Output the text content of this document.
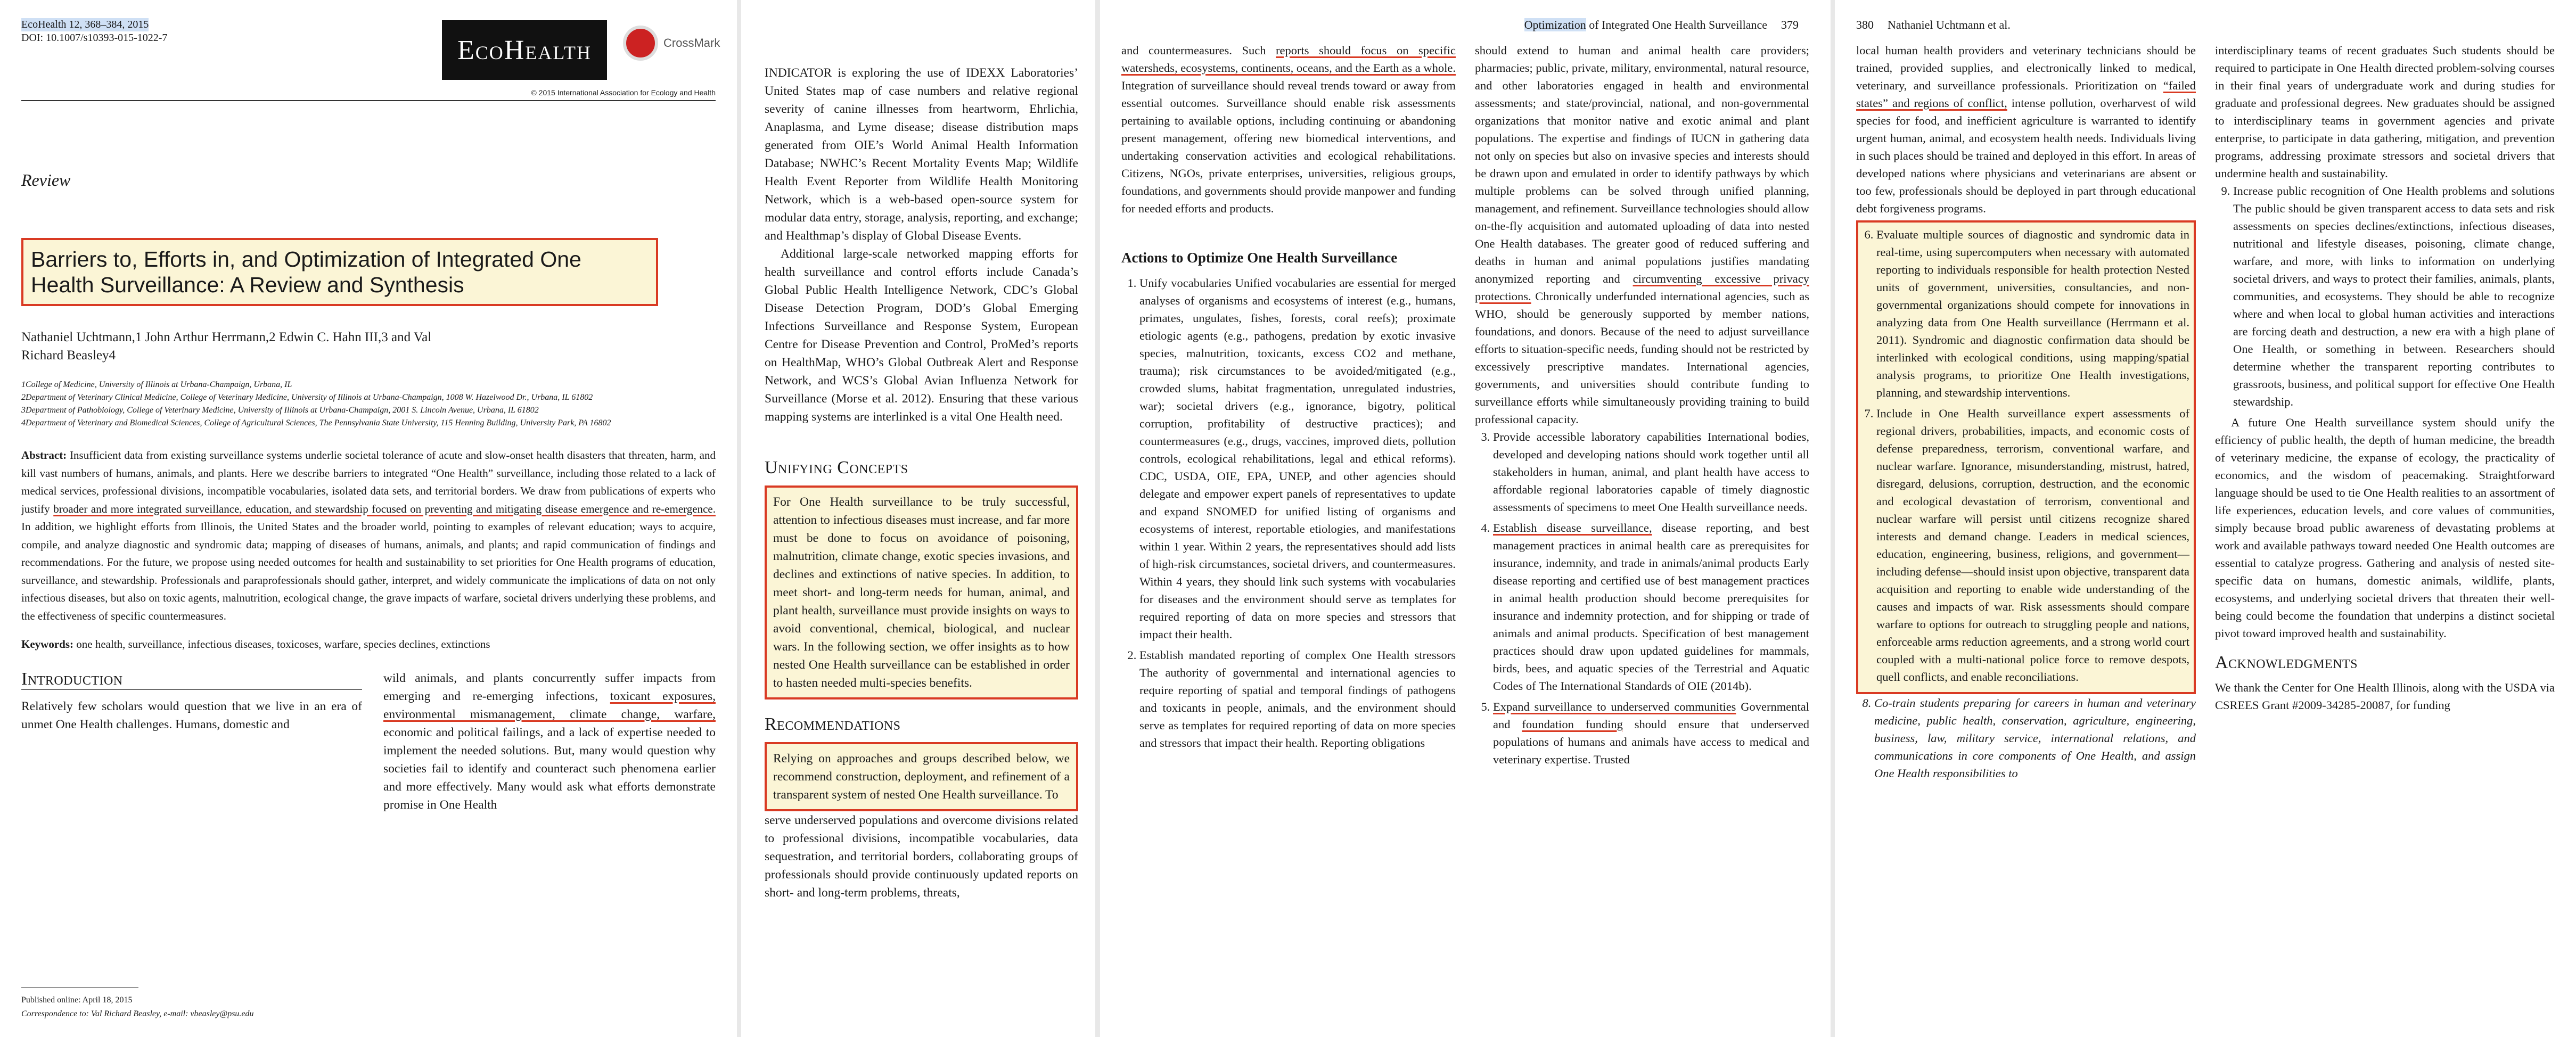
EcoHealth 12, 368–384, 2015
DOI: 10.1007/s10393-015-1022-7	EcoHealth	CrossMark
© 2015 International Association for Ecology and Health
Review
Barriers to, Efforts in, and Optimization of Integrated One Health Surveillance: A Review and Synthesis
Nathaniel Uchtmann,1 John Arthur Herrmann,2 Edwin C. Hahn III,3 and Val Richard Beasley4
1College of Medicine, University of Illinois at Urbana-Champaign, Urbana, IL
2Department of Veterinary Clinical Medicine, College of Veterinary Medicine, University of Illinois at Urbana-Champaign, 1008 W. Hazelwood Dr., Urbana, IL 61802
3Department of Pathobiology, College of Veterinary Medicine, University of Illinois at Urbana-Champaign, 2001 S. Lincoln Avenue, Urbana, IL 61802
4Department of Veterinary and Biomedical Sciences, College of Agricultural Sciences, The Pennsylvania State University, 115 Henning Building, University Park, PA 16802
Abstract: Insufficient data from existing surveillance systems underlie societal tolerance of acute and slow-onset health disasters that threaten, harm, and kill vast numbers of humans, animals, and plants. Here we describe barriers to integrated “One Health” surveillance, including those related to a lack of medical services, professional divisions, incompatible vocabularies, isolated data sets, and territorial borders. We draw from publications of experts who justify broader and more integrated surveillance, education, and stewardship focused on preventing and mitigating disease emergence and re-emergence. In addition, we highlight efforts from Illinois, the United States and the broader world, pointing to examples of relevant education; ways to acquire, compile, and analyze diagnostic and syndromic data; mapping of diseases of humans, animals, and plants; and rapid communication of findings and recommendations. For the future, we propose using needed outcomes for health and sustainability to set priorities for One Health programs of education, surveillance, and stewardship. Professionals and paraprofessionals should gather, interpret, and widely communicate the implications of data on not only infectious diseases, but also on toxic agents, malnutrition, ecological change, the grave impacts of warfare, societal drivers underlying these problems, and the effectiveness of specific countermeasures.
Keywords: one health, surveillance, infectious diseases, toxicoses, warfare, species declines, extinctions
Introduction
Relatively few scholars would question that we live in an era of unmet One Health challenges. Humans, domestic and
Published online: April 18, 2015
Correspondence to: Val Richard Beasley, e-mail: vbeasley@psu.edu
wild animals, and plants concurrently suffer impacts from emerging and re-emerging infections, toxicant exposures, environmental mismanagement, climate change, warfare, economic and political failings, and a lack of expertise needed to implement the needed solutions. But, many would question why societies fail to identify and counteract such phenomena earlier and more effectively. Many would ask what efforts demonstrate promise in One Health
INDICATOR is exploring the use of IDEXX Laboratories’ United States map of case numbers and relative regional severity of canine illnesses from heartworm, Ehrlichia, Anaplasma, and Lyme disease; disease distribution maps generated from OIE’s World Animal Health Information Database; NWHC’s Recent Mortality Events Map; Wildlife Health Event Reporter from Wildlife Health Monitoring Network, which is a web-based open-source system for modular data entry, storage, analysis, reporting, and exchange; and Healthmap’s display of Global Disease Events.
Additional large-scale networked mapping efforts for health surveillance and control efforts include Canada’s Global Public Health Intelligence Network, CDC’s Global Disease Detection Program, DOD’s Global Emerging Infections Surveillance and Response System, European Centre for Disease Prevention and Control, ProMed’s reports on HealthMap, WHO’s Global Outbreak Alert and Response Network, and WCS’s Global Avian Influenza Network for Surveillance (Morse et al. 2012). Ensuring that these various mapping systems are interlinked is a vital One Health need.
Unifying Concepts
For One Health surveillance to be truly successful, attention to infectious diseases must increase, and far more must be done to focus on avoidance of poisoning, malnutrition, climate change, exotic species invasions, and declines and extinctions of native species. In addition, to meet short- and long-term needs for human, animal, and plant health, surveillance must provide insights on ways to avoid conventional, chemical, biological, and nuclear wars. In the following section, we offer insights as to how nested One Health surveillance can be established in order to hasten needed multi-species benefits.
Recommendations
Relying on approaches and groups described below, we recommend construction, deployment, and refinement of a transparent system of nested One Health surveillance. To
serve underserved populations and overcome divisions related to professional divisions, incompatible vocabularies, data sequestration, and territorial borders, collaborating groups of professionals should provide continuously updated reports on short- and long-term problems, threats,
Optimization of Integrated One Health Surveillance 379
and countermeasures. Such reports should focus on specific watersheds, ecosystems, continents, oceans, and the Earth as a whole. Integration of surveillance should reveal trends toward or away from essential outcomes. Surveillance should enable risk assessments pertaining to available options, including continuing or abandoning present management, offering new biomedical interventions, and undertaking conservation activities and ecological rehabilitations. Citizens, NGOs, private enterprises, universities, religious groups, foundations, and governments should provide manpower and funding for needed efforts and products.
Actions to Optimize One Health Surveillance
1. Unify vocabularies Unified vocabularies are essential for merged analyses of organisms and ecosystems of interest (e.g., humans, primates, ungulates, fishes, forests, coral reefs); proximate etiologic agents (e.g., pathogens, predation by exotic invasive species, malnutrition, toxicants, excess CO2 and methane, trauma); risk circumstances to be avoided/mitigated (e.g., crowded slums, habitat fragmentation, unregulated industries, war); societal drivers (e.g., ignorance, bigotry, political corruption, profitability of destructive practices); and countermeasures (e.g., drugs, vaccines, improved diets, pollution controls, ecological rehabilitations, legal and ethical reforms). CDC, USDA, OIE, EPA, UNEP, and other agencies should delegate and empower expert panels of representatives to update and expand SNOMED for unified listing of organisms and ecosystems of interest, reportable etiologies, and manifestations within 1 year. Within 2 years, the representatives should add lists of high-risk circumstances, societal drivers, and countermeasures. Within 4 years, they should link such systems with vocabularies for diseases and the environment should serve as templates for required reporting of data on more species and stressors that impact their health.
2. Establish mandated reporting of complex One Health stressors The authority of governmental and international agencies to require reporting of spatial and temporal findings of pathogens and toxicants in people, animals, and the environment should serve as templates for required reporting of data on more species and stressors that impact their health. Reporting obligations
should extend to human and animal health care providers; pharmacies; public, private, military, environmental, natural resource, and other laboratories engaged in health and environmental assessments; and state/provincial, national, and non-governmental organizations that monitor native and exotic animal and plant populations. The expertise and findings of IUCN in gathering data not only on species but also on invasive species and interests should be drawn upon and emulated in order to identify pathways by which multiple problems can be solved through unified planning, management, and refinement. Surveillance technologies should allow on-the-fly acquisition and automated uploading of data into nested One Health databases. The greater good of reduced suffering and deaths in human and animal populations justifies mandating anonymized reporting and circumventing excessive privacy protections. Chronically underfunded international agencies, such as WHO, should be generously supported by member nations, foundations, and donors. Because of the need to adjust surveillance efforts to situation-specific needs, funding should not be restricted by excessively prescriptive mandates. International agencies, governments, and universities should contribute funding to surveillance efforts while simultaneously providing training to build professional capacity.
3. Provide accessible laboratory capabilities International bodies, developed and developing nations should work together until all stakeholders in human, animal, and plant health have access to affordable regional laboratories capable of timely diagnostic assessments of specimens to meet One Health surveillance needs.
4. Establish disease surveillance, disease reporting, and best management practices in animal health care as prerequisites for insurance, indemnity, and trade in animals/animal products Early disease reporting and certified use of best management practices in animal health production should become prerequisites for insurance and indemnity protection, and for shipping or trade of animals and animal products. Specification of best management practices should draw upon updated guidelines for mammals, birds, bees, and aquatic species of the Terrestrial and Aquatic Codes of The International Standards of OIE (2014b).
5. Expand surveillance to underserved communities Governmental and foundation funding should ensure that underserved populations of humans and animals have access to medical and veterinary expertise. Trusted
380 Nathaniel Uchtmann et al.
local human health providers and veterinary technicians should be trained, provided supplies, and electronically linked to medical, veterinary, and surveillance professionals. Prioritization on “failed states” and regions of conflict, intense pollution, overharvest of wild species for food, and inefficient agriculture is warranted to identify urgent human, animal, and ecosystem health needs. Individuals living in such places should be trained and deployed in this effort. In areas of developed nations where physicians and veterinarians are absent or too few, professionals should be deployed in part through educational debt forgiveness programs.
6. Evaluate multiple sources of diagnostic and syndromic data in real-time, using supercomputers when necessary with automated reporting to individuals responsible for health protection Nested units of government, universities, consultancies, and non-governmental organizations should compete for innovations in analyzing data from One Health surveillance (Herrmann et al. 2011). Syndromic and diagnostic confirmation data should be interlinked with ecological conditions, using mapping/spatial analysis programs, to prioritize One Health investigations, planning, and stewardship interventions.
7. Include in One Health surveillance expert assessments of regional drivers, probabilities, impacts, and economic costs of defense preparedness, terrorism, conventional warfare, and nuclear warfare. Ignorance, misunderstanding, mistrust, hatred, disregard, delusions, corruption, destruction, and the economic and ecological devastation of terrorism, conventional and nuclear warfare will persist until citizens recognize shared interests and demand change. Leaders in medical sciences, education, engineering, business, religions, and government—including defense—should insist upon objective, transparent data acquisition and reporting to enable wide understanding of the causes and impacts of war. Risk assessments should compare warfare to options for outreach to struggling people and nations, enforceable arms reduction agreements, and a strong world court coupled with a multi-national police force to remove despots, quell conflicts, and enable reconciliations.
8. Co-train students preparing for careers in human and veterinary medicine, public health, conservation, agriculture, engineering, business, law, military service, international relations, and communications in core components of One Health, and assign One Health responsibilities to
interdisciplinary teams of recent graduates Such students should be required to participate in One Health directed problem-solving courses in their final years of undergraduate work and during studies for graduate and professional degrees. New graduates should be assigned to interdisciplinary teams in government agencies and private enterprise, to participate in data gathering, mitigation, and prevention programs, addressing proximate stressors and societal drivers that undermine health and sustainability.
9. Increase public recognition of One Health problems and solutions The public should be given transparent access to data sets and risk assessments on species declines/extinctions, infectious diseases, nutritional and lifestyle diseases, poisoning, climate change, warfare, and more, with links to information on underlying societal drivers, and ways to protect their families, animals, plants, communities, and ecosystems. They should be able to recognize where and when local to global human activities and interactions are forcing death and destruction, a new era with a high plane of One Health, or something in between. Researchers should determine whether the transparent reporting contributes to grassroots, business, and political support for effective One Health stewardship.
A future One Health surveillance system should unify the efficiency of public health, the depth of human medicine, the breadth of veterinary medicine, the expanse of ecology, the practicality of economics, and the wisdom of peacemaking. Straightforward language should be used to tie One Health realities to an assortment of life experiences, education levels, and core values of communities, simply because broad public awareness of devastating problems at work and available pathways toward needed One Health outcomes are essential to catalyze progress. Gathering and analysis of nested site-specific data on humans, domestic animals, wildlife, plants, ecosystems, and underlying societal drivers that threaten their well-being could become the foundation that underpins a distinct societal pivot toward improved health and sustainability.
Acknowledgments
We thank the Center for One Health Illinois, along with the USDA via CSREES Grant #2009-34285-20087, for funding
